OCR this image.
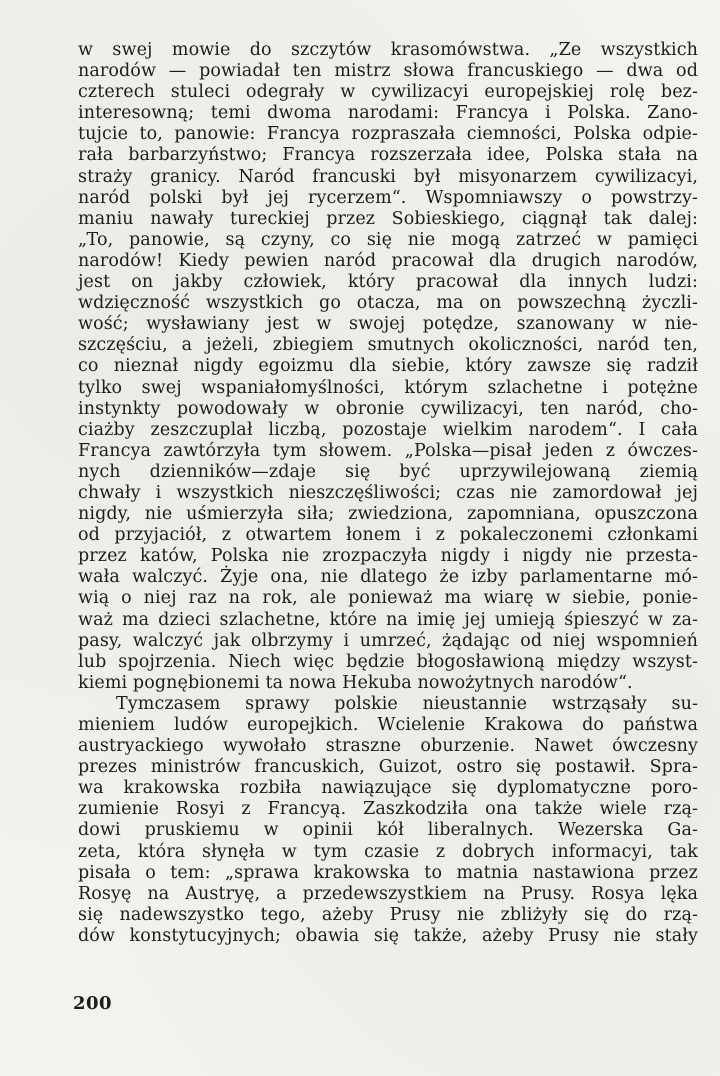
w swej mowie do szczytów krasomówstwa. „Ze wszystkich
narodów — powiadał ten mistrz słowa francuskiego — dwa od
czterech stuleci odegrały w cywilizacyi europejskiej rolę bez-
interesowną; temi dwoma narodami: Francya i Polska. Zano-
tujcie to, panowie: Francya rozpraszała ciemności, Polska odpie-
rała barbarzyństwo; Francya rozszerzała idee, Polska stała na
straży granicy. Naród francuski był misyonarzem cywilizacyi,
naród polski był jej rycerzem“. Wspomniawszy o powstrzy-
maniu nawały tureckiej przez Sobieskiego, ciągnął tak dalej:
„To, panowie, są czyny, co się nie mogą zatrzeć w pamięci
narodów! Kiedy pewien naród pracował dla drugich narodów,
jest on jakby człowiek, który pracował dla innych ludzi:
wdzięczność wszystkich go otacza, ma on powszechną życzli-
wość; wysławiany jest w swojej potędze, szanowany w nie-
szczęściu, a jeżeli, zbiegiem smutnych okoliczności, naród ten,
co nieznał nigdy egoizmu dla siebie, który zawsze się radził
tylko swej wspaniałomyślności, którym szlachetne i potężne
instynkty powodowały w obronie cywilizacyi, ten naród, cho-
ciażby zeszczuplał liczbą, pozostaje wielkim narodem“. I cała
Francya zawtórzyła tym słowem. „Polska—pisał jeden z ówczes-
nych dzienników—zdaje się być uprzywilejowaną ziemią
chwały i wszystkich nieszczęśliwości; czas nie zamordował jej
nigdy, nie uśmierzyła siła; zwiedziona, zapomniana, opuszczona
od przyjaciół, z otwartem łonem i z pokaleczonemi członkami
przez katów, Polska nie zrozpaczyła nigdy i nigdy nie przesta-
wała walczyć. Żyje ona, nie dlatego że izby parlamentarne mó-
wią o niej raz na rok, ale ponieważ ma wiarę w siebie, ponie-
waż ma dzieci szlachetne, które na imię jej umieją śpieszyć w za-
pasy, walczyć jak olbrzymy i umrzeć, żądając od niej wspomnień
lub spojrzenia. Niech więc będzie błogosławioną między wszyst-
kiemi pognębionemi ta nowa Hekuba nowożytnych narodów“.
Tymczasem sprawy polskie nieustannie wstrząsały su-
mieniem ludów europejkich. Wcielenie Krakowa do państwa
austryackiego wywołało straszne oburzenie. Nawet ówczesny
prezes ministrów francuskich, Guizot, ostro się postawił. Spra-
wa krakowska rozbiła nawiązujące się dyplomatyczne poro-
zumienie Rosyi z Francyą. Zaszkodziła ona także wiele rzą-
dowi pruskiemu w opinii kół liberalnych. Wezerska Ga-
zeta, która słynęła w tym czasie z dobrych informacyi, tak
pisała o tem: „sprawa krakowska to matnia nastawiona przez
Rosyę na Austryę, a przedewszystkiem na Prusy. Rosya lęka
się nadewszystko tego, ażeby Prusy nie zbliżyły się do rzą-
dów konstytucyjnych; obawia się także, ażeby Prusy nie stały
200
